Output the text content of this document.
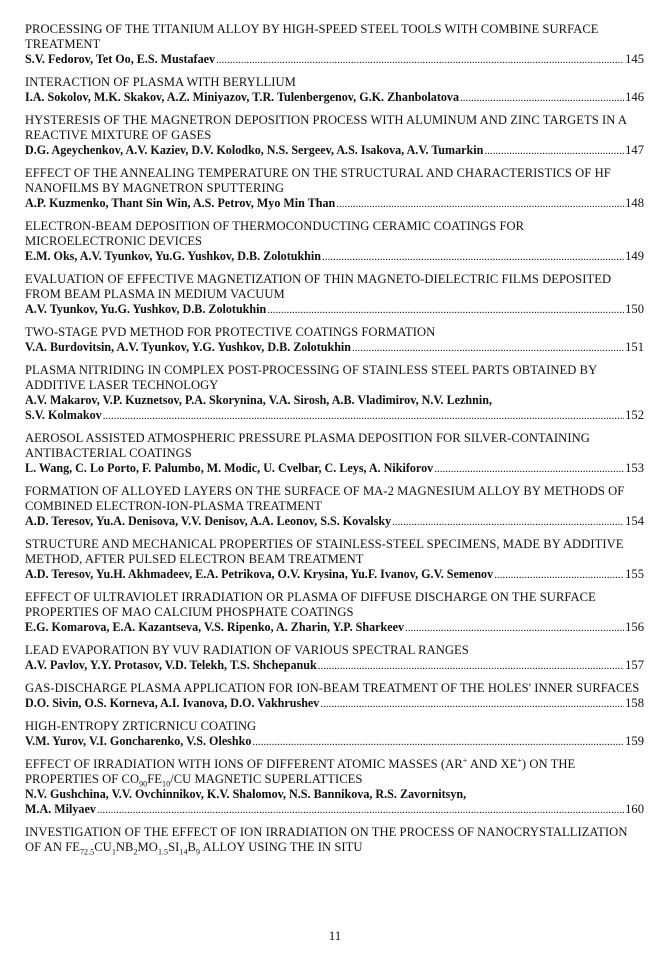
PROCESSING OF THE TITANIUM ALLOY BY HIGH-SPEED STEEL TOOLS WITH COMBINE SURFACE TREATMENT
S.V. Fedorov, Tet Oo, E.S. Mustafaev .....	145
INTERACTION OF PLASMA WITH BERYLLIUM
I.A. Sokolov, M.K. Skakov, A.Z. Miniyazov, T.R. Tulenbergenov, G.K. Zhanbolatova .....	146
HYSTERESIS OF THE MAGNETRON DEPOSITION PROCESS WITH ALUMINUM AND ZINC TARGETS IN A REACTIVE MIXTURE OF GASES
D.G. Ageychenkov, A.V. Kaziev, D.V. Kolodko, N.S. Sergeev, A.S. Isakova, A.V. Tumarkin .....	147
EFFECT OF THE ANNEALING TEMPERATURE ON THE STRUCTURAL AND CHARACTERISTICS OF HF NANOFILMS BY MAGNETRON SPUTTERING
A.P. Kuzmenko, Thant Sin Win, A.S. Petrov, Myo Min Than .....	148
ELECTRON-BEAM DEPOSITION OF THERMOCONDUCTING CERAMIC COATINGS FOR MICROELECTRONIC DEVICES
E.M. Oks, A.V. Tyunkov, Yu.G. Yushkov, D.B. Zolotukhin .....	149
EVALUATION OF EFFECTIVE MAGNETIZATION OF THIN MAGNETO-DIELECTRIC FILMS DEPOSITED FROM BEAM PLASMA IN MEDIUM VACUUM
A.V. Tyunkov, Yu.G. Yushkov, D.B. Zolotukhin .....	150
TWO-STAGE PVD METHOD FOR PROTECTIVE COATINGS FORMATION
V.A. Burdovitsin, A.V. Tyunkov, Y.G. Yushkov, D.B. Zolotukhin .....	151
PLASMA NITRIDING IN COMPLEX POST-PROCESSING OF STAINLESS STEEL PARTS OBTAINED BY ADDITIVE LASER TECHNOLOGY
A.V. Makarov, V.P. Kuznetsov, P.A. Skorynina, V.A. Sirosh, A.B. Vladimirov, N.V. Lezhnin,
S.V. Kolmakov .....	152
AEROSOL ASSISTED ATMOSPHERIC PRESSURE PLASMA DEPOSITION FOR SILVER-CONTAINING ANTIBACTERIAL COATINGS
L. Wang, C. Lo Porto, F. Palumbo, M. Modic, U. Cvelbar, C. Leys, A. Nikiforov .....	153
FORMATION OF ALLOYED LAYERS ON THE SURFACE OF MA-2 MAGNESIUM ALLOY BY METHODS OF COMBINED ELECTRON-ION-PLASMA TREATMENT
A.D. Teresov, Yu.A. Denisova, V.V. Denisov, A.A. Leonov, S.S. Kovalsky .....	154
STRUCTURE AND MECHANICAL PROPERTIES OF STAINLESS-STEEL SPECIMENS, MADE BY ADDITIVE METHOD, AFTER PULSED ELECTRON BEAM TREATMENT
A.D. Teresov, Yu.H. Akhmadeev, E.A. Petrikova, O.V. Krysina, Yu.F. Ivanov, G.V. Semenov .....	155
EFFECT OF ULTRAVIOLET IRRADIATION OR PLASMA OF DIFFUSE DISCHARGE ON THE SURFACE PROPERTIES OF MAO CALCIUM PHOSPHATE COATINGS
E.G. Komarova, E.A. Kazantseva, V.S. Ripenko, A. Zharin, Y.P. Sharkeev .....	156
LEAD EVAPORATION BY VUV RADIATION OF VARIOUS SPECTRAL RANGES
A.V. Pavlov, Y.Y. Protasov, V.D. Telekh, T.S. Shchepanuk .....	157
GAS-DISCHARGE PLASMA APPLICATION FOR ION-BEAM TREATMENT OF THE HOLES' INNER SURFACES
D.O. Sivin, O.S. Korneva, A.I. Ivanova, D.O. Vakhrushev .....	158
HIGH-ENTROPY ZRTICRNICU COATING
V.M. Yurov, V.I. Goncharenko, V.S. Oleshko .....	159
EFFECT OF IRRADIATION WITH IONS OF DIFFERENT ATOMIC MASSES (AR+ AND XE+) ON THE PROPERTIES OF $CO_{90}FE_{10}/CU$ MAGNETIC SUPERLATTICES
N.V. Gushchina, V.V. Ovchinnikov, K.V. Shalomov, N.S. Bannikova, R.S. Zavornitsyn,
M.A. Milyaev .....	160
INVESTIGATION OF THE EFFECT OF ION IRRADIATION ON THE PROCESS OF NANOCRYSTALLIZATION OF AN $FE_{72.5}CU_1NB_2MO_{1.5}SI_{14}B_9$ ALLOY USING THE IN SITU
11
